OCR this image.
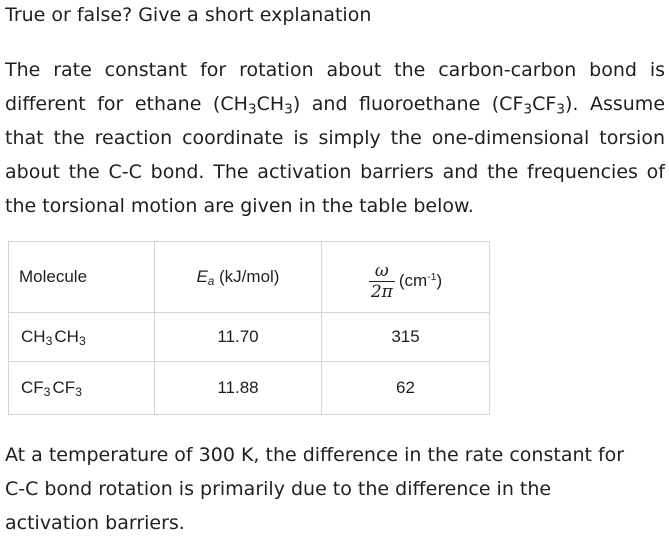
True or false? Give a short explanation
The rate constant for rotation about the carbon-carbon bond is
different for ethane $(CH_3CH_3)$ and fluoroethane $(CF_3CF_3)$. Assume
that the reaction coordinate is simply the one-dimensional torsion
about the C-C bond. The activation barriers and the frequencies of
the torsional motion are given in the table below.
Molecule	Ea (kJ/mol)	$\frac{\omega}{2\pi} (cm^{-1})$

$CH_3$ $CH_3$	11.70	315
$CF_3$ $CF_3$	11.88	62
At a temperature of 300 K, the difference in the rate constant for
C-C bond rotation is primarily due to the difference in the
activation barriers.
